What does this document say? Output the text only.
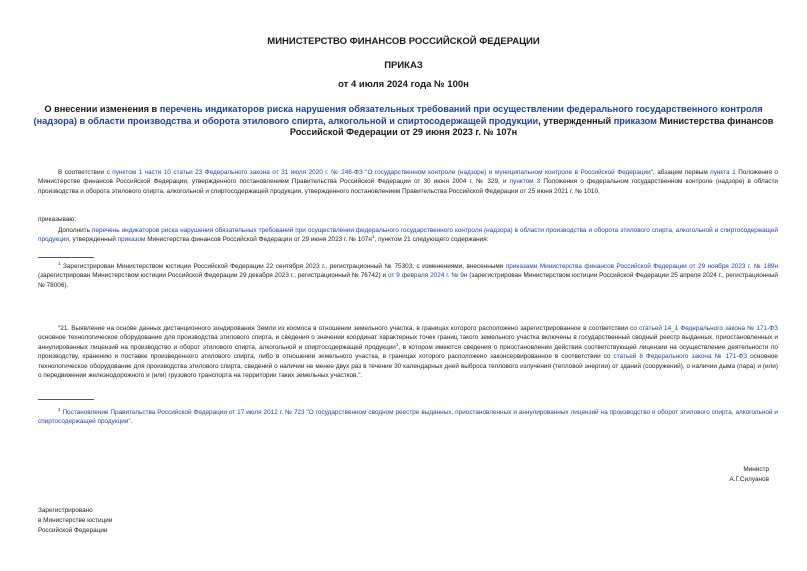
МИНИСТЕРСТВО ФИНАНСОВ РОССИЙСКОЙ ФЕДЕРАЦИИ
ПРИКАЗ
от 4 июля 2024 года № 100н
О внесении изменения в перечень индикаторов риска нарушения обязательных требований при осуществлении федерального государственного контроля (надзора) в области производства и оборота этилового спирта, алкогольной и спиртосодержащей продукции, утвержденный приказом Министерства финансов Российской Федерации от 29 июня 2023 г. № 107н
В соответствии с пунктом 1 части 10 статьи 23 Федерального закона от 31 июля 2020 г. № 248-ФЗ "О государственном контроле (надзоре) и муниципальном контроле в Российской Федерации", абзацем первым пункта 1 Положения о Министерстве финансов Российской Федерации, утвержденного постановлением Правительства Российской Федерации от 30 июня 2004 г. № 329, и пунктом 3 Положения о федеральном государственном контроле (надзоре) в области производства и оборота этилового спирта, алкогольной и спиртосодержащей продукции, утвержденного постановлением Правительства Российской Федерации от 25 июня 2021 г. № 1010,
приказываю:
Дополнить перечень индикаторов риска нарушения обязательных требований при осуществлении федерального государственного контроля (надзора) в области производства и оборота этилового спирта, алкогольной и спиртосодержащей продукции, утвержденный приказом Министерства финансов Российской Федерации от 29 июня 2023 г. № $107н^1$, пунктом 21 следующего содержания:
$^1$ Зарегистрирован Министерством юстиции Российской Федерации 22 сентября 2023 г., регистрационный № 75303, с изменениями, внесенными приказами Министерства финансов Российской Федерации от 29 ноября 2023 г. № 189н (зарегистрирован Министерством юстиции Российской Федерации 29 декабря 2023 г., регистрационный № 76742) и от 9 февраля 2024 г. № 9н (зарегистрирован Министерством юстиции Российской Федерации 25 апреля 2024 г., регистрационный № 78006).
"21. Выявление на основе данных дистанционного зондирования Земли из космоса в отношении земельного участка, в границах которого расположено зарегистрированное в соответствии со статьей 14_1 Федерального закона № 171-ФЗ основное технологическое оборудование для производства этилового спирта, и сведения о значении координат характерных точек границ такого земельного участка включены в государственный сводный реестр выданных, приостановленных и аннулированных лицензий на производство и оборот этилового спирта, алкогольной и спиртосодержащей продукции$^1$, в котором имеются сведения о приостановлении действия соответствующей лицензии на осуществление деятельности по производству, хранению и поставке произведенного этилового спирта, либо в отношении земельного участка, в границах которого расположено законсервированное в соответствии со статьей 8 Федерального закона № 171-ФЗ основное технологическое оборудование для производства этилового спирта, сведений о наличии не менее двух раз в течение 30 календарных дней выброса теплового излучения (тепловой энергии) от зданий (сооружений), о наличии дыма (пара) и (или) о передвижении железнодорожного и (или) грузового транспорта на территории таких земельных участков.".
$^1$ Постановление Правительства Российской Федерации от 17 июля 2012 г. № 723 "О государственном сводном реестре выданных, приостановленных и аннулированных лицензий на производство и оборот этилового спирта, алкогольной и спиртосодержащей продукции".
Министр
А.Г.Силуанов
Зарегистрировано
в Министерстве юстиции
Российской Федерации
